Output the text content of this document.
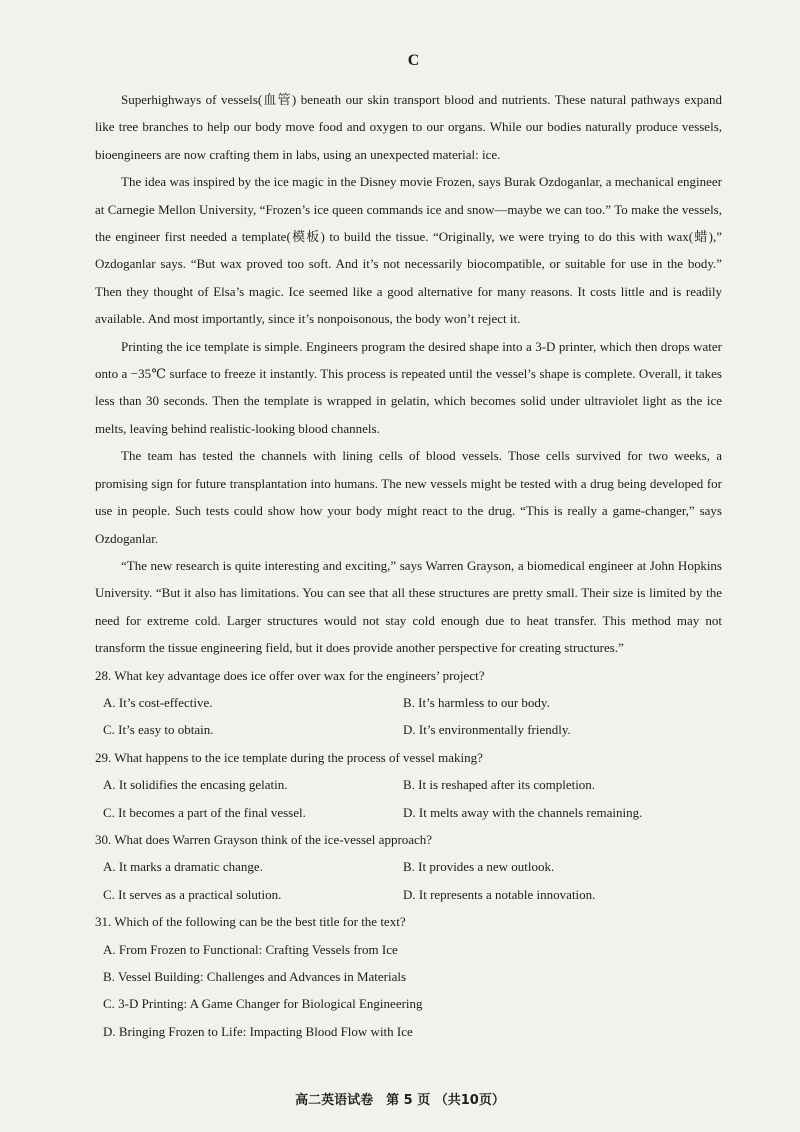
C

Superhighways of vessels(血管) beneath our skin transport blood and nutrients. These natural pathways expand like tree branches to help our body move food and oxygen to our organs. While our bodies naturally produce vessels, bioengineers are now crafting them in labs, using an unexpected material: ice.

The idea was inspired by the ice magic in the Disney movie Frozen, says Burak Ozdoganlar, a mechanical engineer at Carnegie Mellon University, “Frozen’s ice queen commands ice and snow—maybe we can too.” To make the vessels, the engineer first needed a template(模板) to build the tissue. “Originally, we were trying to do this with wax(蜡),” Ozdoganlar says. “But wax proved too soft. And it’s not necessarily biocompatible, or suitable for use in the body.” Then they thought of Elsa’s magic. Ice seemed like a good alternative for many reasons. It costs little and is readily available. And most importantly, since it’s nonpoisonous, the body won’t reject it.

Printing the ice template is simple. Engineers program the desired shape into a 3-D printer, which then drops water onto a −35℃ surface to freeze it instantly. This process is repeated until the vessel’s shape is complete. Overall, it takes less than 30 seconds. Then the template is wrapped in gelatin, which becomes solid under ultraviolet light as the ice melts, leaving behind realistic-looking blood channels.

The team has tested the channels with lining cells of blood vessels. Those cells survived for two weeks, a promising sign for future transplantation into humans. The new vessels might be tested with a drug being developed for use in people. Such tests could show how your body might react to the drug. “This is really a game-changer,” says Ozdoganlar.

“The new research is quite interesting and exciting,” says Warren Grayson, a biomedical engineer at John Hopkins University. “But it also has limitations. You can see that all these structures are pretty small. Their size is limited by the need for extreme cold. Larger structures would not stay cold enough due to heat transfer. This method may not transform the tissue engineering field, but it does provide another perspective for creating structures.”

28. What key advantage does ice offer over wax for the engineers’ project?
A. It’s cost-effective.	B. It’s harmless to our body.
C. It’s easy to obtain.	D. It’s environmentally friendly.
29. What happens to the ice template during the process of vessel making?
A. It solidifies the encasing gelatin.	B. It is reshaped after its completion.
C. It becomes a part of the final vessel.	D. It melts away with the channels remaining.
30. What does Warren Grayson think of the ice-vessel approach?
A. It marks a dramatic change.	B. It provides a new outlook.
C. It serves as a practical solution.	D. It represents a notable innovation.
31. Which of the following can be the best title for the text?
A. From Frozen to Functional: Crafting Vessels from Ice
B. Vessel Building: Challenges and Advances in Materials
C. 3-D Printing: A Game Changer for Biological Engineering
D. Bringing Frozen to Life: Impacting Blood Flow with Ice
高二英语试卷　第 5 页 （共10页）
